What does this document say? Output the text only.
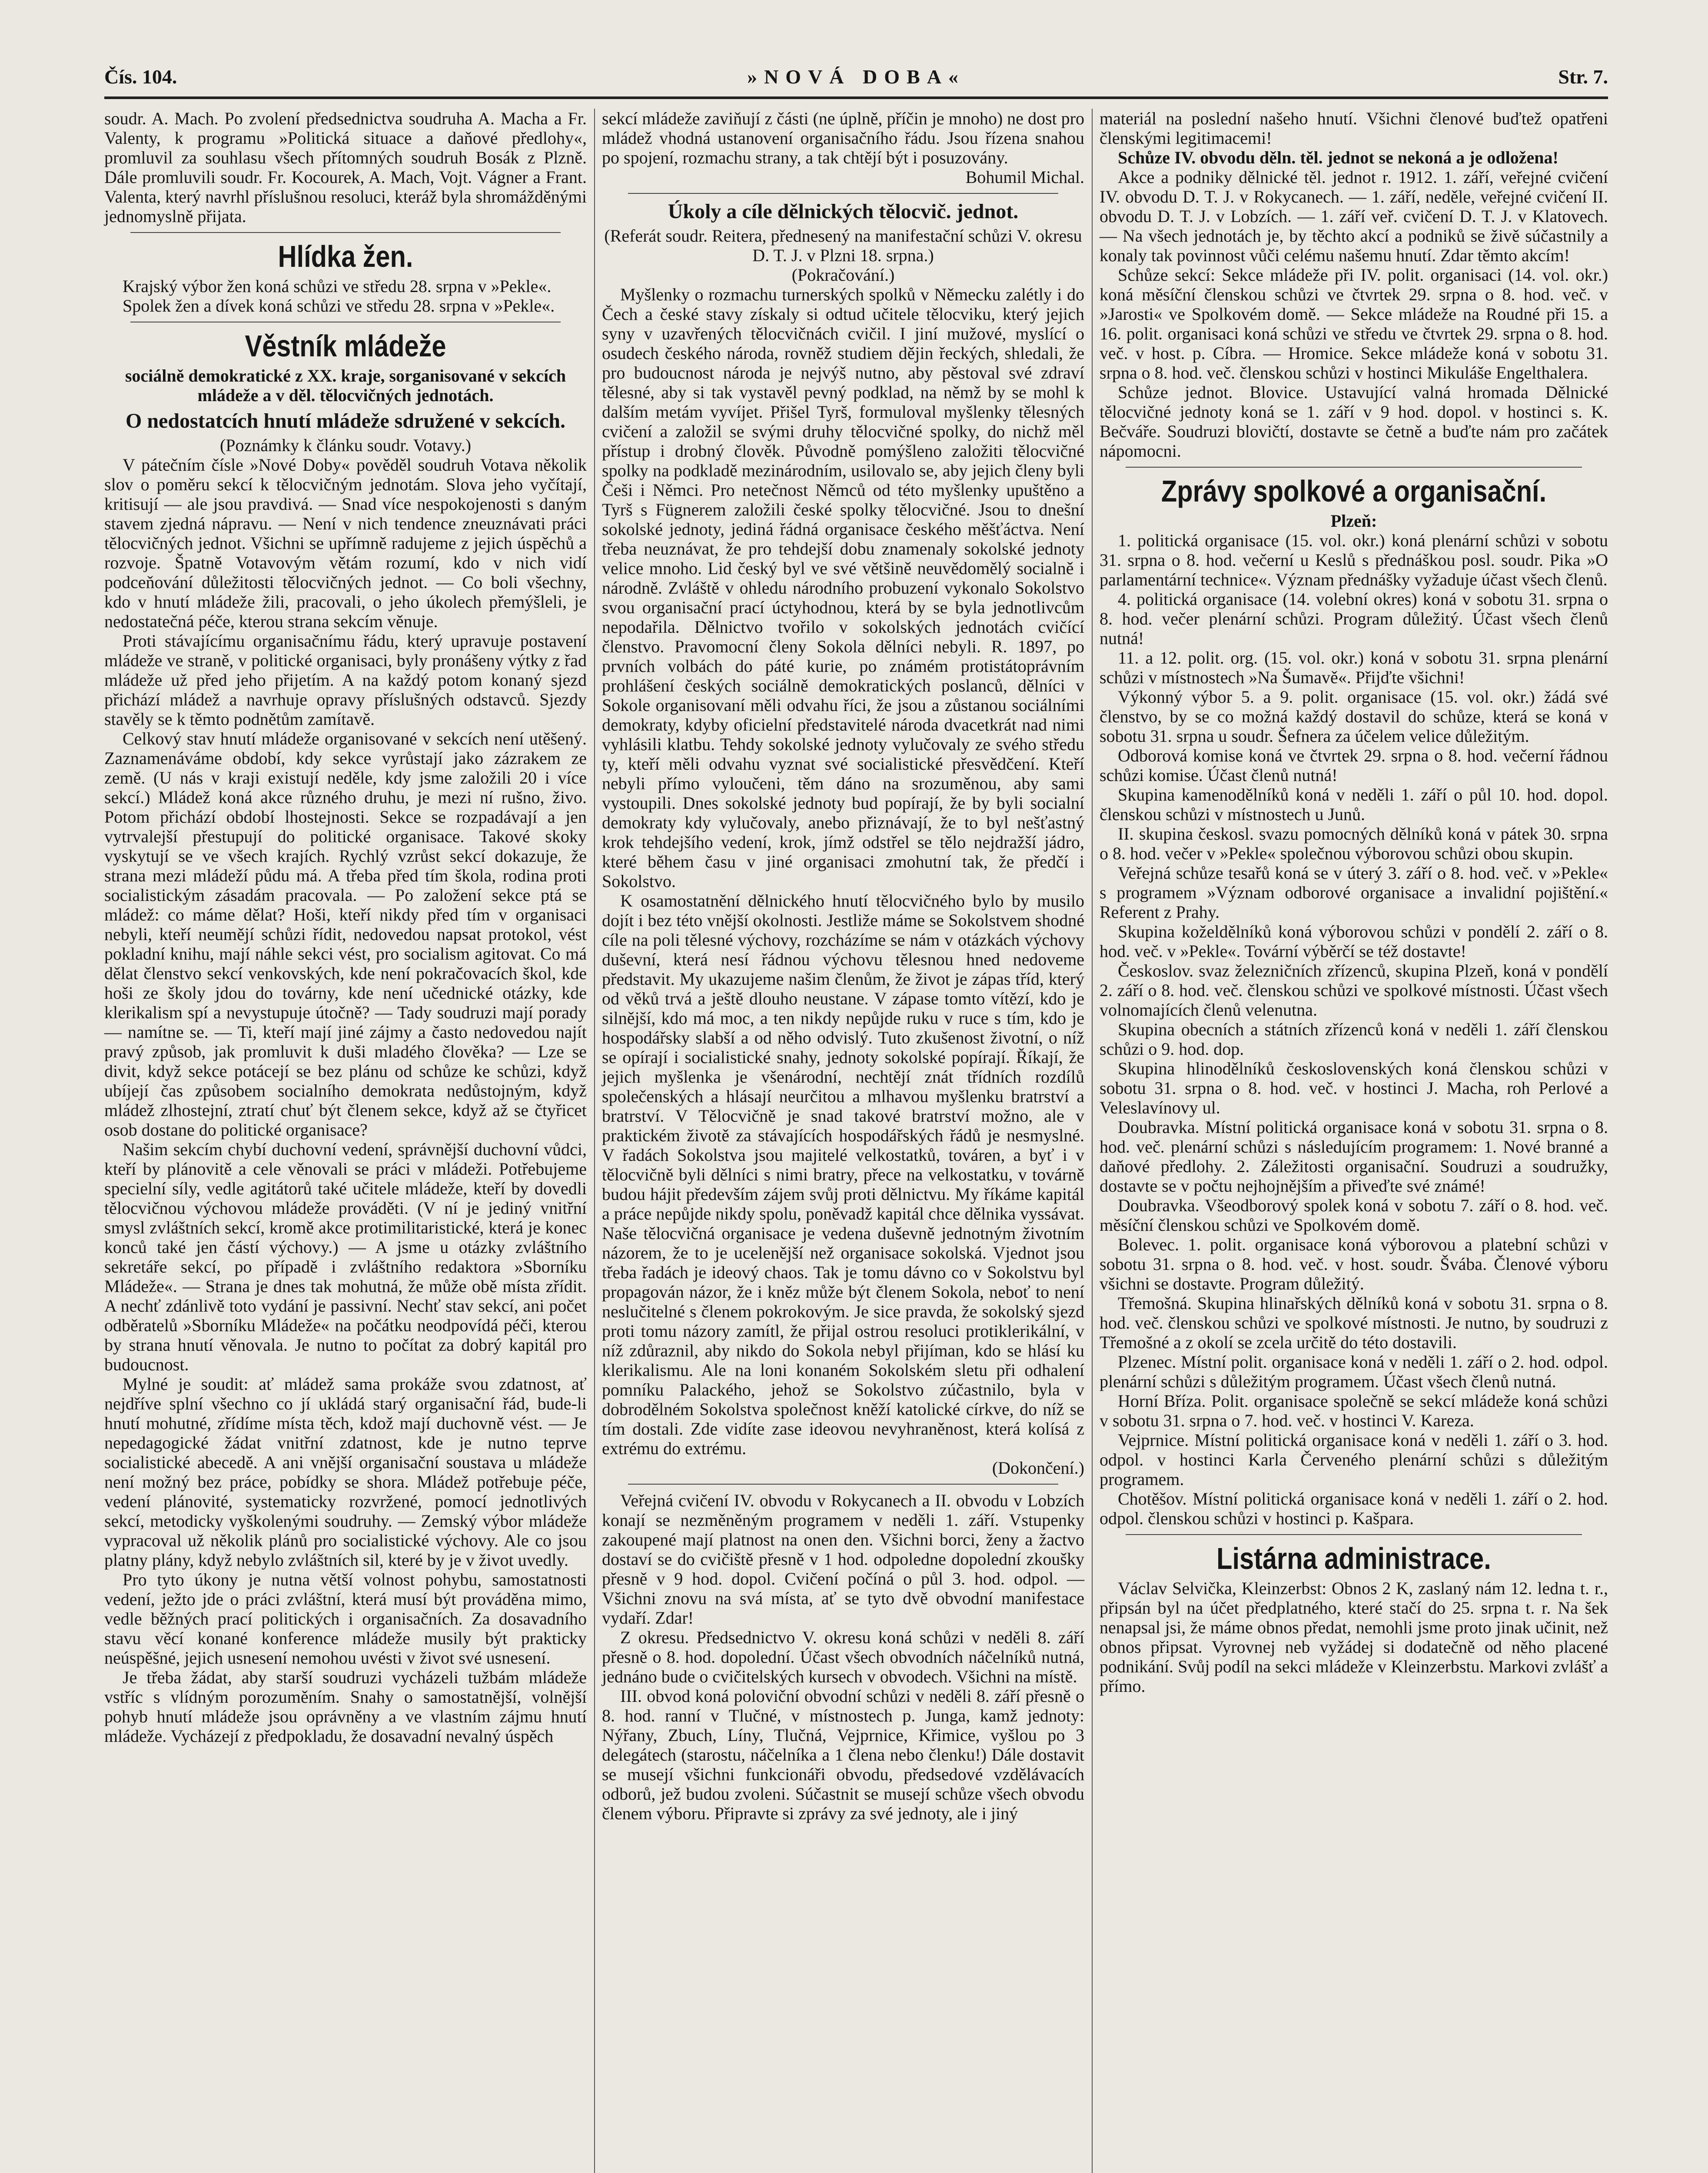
Čís. 104.	»NOVÁ DOBA«	Str. 7.

soudr. A. Mach. Po zvolení předsednictva soudruha A. Macha a Fr. Valenty, k programu »Politická situace a daňové předlohy«, promluvil za souhlasu všech přítomných soudruh Bosák z Plzně. Dále promluvili soudr. Fr. Kocourek, A. Mach, Vojt. Vágner a Frant. Valenta, který navrhl příslušnou resoluci, kteráž byla shromážděnými jednomyslně přijata.

Hlídka žen.

Krajský výbor žen koná schůzi ve středu 28. srpna v »Pekle«.

Spolek žen a dívek koná schůzi ve středu 28. srpna v »Pekle«.

Věstník mládeže

sociálně demokratické z XX. kraje, sorganisované v sekcích mládeže a v děl. tělocvičných jednotách.

O nedostatcích hnutí mládeže sdružené v sekcích.

(Poznámky k článku soudr. Votavy.)

V pátečním čísle »Nové Doby« pověděl soudruh Votava několik slov o poměru sekcí k tělocvičným jednotám. Slova jeho vyčítají, kritisují — ale jsou pravdivá. — Snad více nespokojenosti s daným stavem zjedná nápravu. — Není v nich tendence zneuznávati práci tělocvičných jednot. Všichni se upřímně radujeme z jejich úspěchů a rozvoje. Špatně Votavovým větám rozumí, kdo v nich vidí podceňování důležitosti tělocvičných jednot. — Co boli všechny, kdo v hnutí mládeže žili, pracovali, o jeho úkolech přemýšleli, je nedostatečná péče, kterou strana sekcím věnuje.

Proti stávajícímu organisačnímu řádu, který upravuje postavení mládeže ve straně, v politické organisaci, byly pronášeny výtky z řad mládeže už před jeho přijetím. A na každý potom konaný sjezd přichází mládež a navrhuje opravy příslušných odstavců. Sjezdy stavěly se k těmto podnětům zamítavě.

Celkový stav hnutí mládeže organisované v sekcích není utěšený. Zaznamenáváme období, kdy sekce vyrůstají jako zázrakem ze země. (U nás v kraji existují neděle, kdy jsme založili 20 i více sekcí.) Mládež koná akce různého druhu, je mezi ní rušno, živo. Potom přichází období lhostejnosti. Sekce se rozpadávají a jen vytrvalejší přestupují do politické organisace. Takové skoky vyskytují se ve všech krajích. Rychlý vzrůst sekcí dokazuje, že strana mezi mládeží půdu má. A třeba před tím škola, rodina proti socialistickým zásadám pracovala. — Po založení sekce ptá se mládež: co máme dělat? Hoši, kteří nikdy před tím v organisaci nebyli, kteří neumějí schůzi řídit, nedovedou napsat protokol, vést pokladní knihu, mají náhle sekci vést, pro socialism agitovat. Co má dělat členstvo sekcí venkovských, kde není pokračovacích škol, kde hoši ze školy jdou do továrny, kde není učednické otázky, kde klerikalism spí a nevystupuje útočně? — Tady soudruzi mají porady — namítne se. — Ti, kteří mají jiné zájmy a často nedovedou najít pravý způsob, jak promluvit k duši mladého člověka? — Lze se divit, když sekce potácejí se bez plánu od schůze ke schůzi, když ubíjejí čas způsobem socialního demokrata nedůstojným, když mládež zlhostejní, ztratí chuť být členem sekce, když až se čtyřicet osob dostane do politické organisace?

Našim sekcím chybí duchovní vedení, správnější duchovní vůdci, kteří by plánovitě a cele věnovali se práci v mládeži. Potřebujeme specielní síly, vedle agitátorů také učitele mládeže, kteří by dovedli tělocvičnou výchovou mládeže prováděti. (V ní je jediný vnitřní smysl zvláštních sekcí, kromě akce protimilitaristické, která je konec konců také jen částí výchovy.) — A jsme u otázky zvláštního sekretáře sekcí, po případě i zvláštního redaktora »Sborníku Mládeže«. — Strana je dnes tak mohutná, že může obě místa zřídit. A nechť zdánlivě toto vydání je passivní. Nechť stav sekcí, ani počet odběratelů »Sborníku Mládeže« na počátku neodpovídá péči, kterou by strana hnutí věnovala. Je nutno to počítat za dobrý kapitál pro budoucnost.

Mylné je soudit: ať mládež sama prokáže svou zdatnost, ať nejdříve splní všechno co jí ukládá starý organisační řád, bude-li hnutí mohutné, zřídíme místa těch, kdož mají duchovně vést. — Je nepedagogické žádat vnitřní zdatnost, kde je nutno teprve socialistické abecedě. A ani vnější organisační soustava u mládeže není možný bez práce, pobídky se shora. Mládež potřebuje péče, vedení plánovité, systematicky rozvržené, pomocí jednotlivých sekcí, metodicky vyškolenými soudruhy. — Zemský výbor mládeže vypracoval už několik plánů pro socialistické výchovy. Ale co jsou platny plány, když nebylo zvláštních sil, které by je v život uvedly.

Pro tyto úkony je nutna větší volnost pohybu, samostatnosti vedení, ježto jde o práci zvláštní, která musí být prováděna mimo, vedle běžných prací politických i organisačních. Za dosavadního stavu věcí konané konference mládeže musily být prakticky neúspěšné, jejich usnesení nemohou uvésti v život své usnesení.

Je třeba žádat, aby starší soudruzi vycházeli tužbám mládeže vstříc s vlídným porozuměním. Snahy o samostatnější, volnější pohyb hnutí mládeže jsou oprávněny a ve vlastním zájmu hnutí mládeže. Vycházejí z předpokladu, že dosavadní nevalný úspěch

sekcí mládeže zaviňují z části (ne úplně, příčin je mnoho) ne dost pro mládež vhodná ustanovení organisačního řádu. Jsou řízena snahou po spojení, rozmachu strany, a tak chtějí být i posuzovány.

Bohumil Michal.

Úkoly a cíle dělnických tělocvič. jednot.

(Referát soudr. Reitera, přednesený na manifestační schůzi V. okresu D. T. J. v Plzni 18. srpna.)

(Pokračování.)

Myšlenky o rozmachu turnerských spolků v Německu zalétly i do Čech a české stavy získaly si odtud učitele tělocviku, který jejich syny v uzavřených tělocvičnách cvičil. I jiní mužové, myslící o osudech českého národa, rovněž studiem dějin řeckých, shledali, že pro budoucnost národa je nejvýš nutno, aby pěstoval své zdraví tělesné, aby si tak vystavěl pevný podklad, na němž by se mohl k dalším metám vyvíjet. Přišel Tyrš, formuloval myšlenky tělesných cvičení a založil se svými druhy tělocvičné spolky, do nichž měl přístup i drobný člověk. Původně pomýšleno založiti tělocvičné spolky na podkladě mezinárodním, usilovalo se, aby jejich členy byli Češi i Němci. Pro netečnost Němců od této myšlenky upuštěno a Tyrš s Fügnerem založili české spolky tělocvičné. Jsou to dnešní sokolské jednoty, jediná řádná organisace českého měšťáctva. Není třeba neuznávat, že pro tehdejší dobu znamenaly sokolské jednoty velice mnoho. Lid český byl ve své většině neuvědomělý socialně i národně. Zvláště v ohledu národního probuzení vykonalo Sokolstvo svou organisační prací úctyhodnou, která by se byla jednotlivcům nepodařila. Dělnictvo tvořilo v sokolských jednotách cvičící členstvo. Pravomocní členy Sokola dělníci nebyli. R. 1897, po prvních volbách do páté kurie, po známém protistátoprávním prohlášení českých sociálně demokratických poslanců, dělníci v Sokole organisovaní měli odvahu říci, že jsou a zůstanou sociálními demokraty, kdyby oficielní představitelé národa dvacetkrát nad nimi vyhlásili klatbu. Tehdy sokolské jednoty vylučovaly ze svého středu ty, kteří měli odvahu vyznat své socialistické přesvědčení. Kteří nebyli přímo vyloučeni, těm dáno na srozuměnou, aby sami vystoupili. Dnes sokolské jednoty bud popírají, že by byli socialní demokraty kdy vylučovaly, anebo přiznávají, že to byl nešťastný krok tehdejšího vedení, krok, jímž odstřel se tělo nejdražší jádro, které během času v jiné organisaci zmohutní tak, že předčí i Sokolstvo.

K osamostatnění dělnického hnutí tělocvičného bylo by musilo dojít i bez této vnější okolnosti. Jestliže máme se Sokolstvem shodné cíle na poli tělesné výchovy, rozcházíme se nám v otázkách výchovy duševní, která nesí řádnou výchovu tělesnou hned nedoveme představit. My ukazujeme našim členům, že život je zápas tříd, který od věků trvá a ještě dlouho neustane. V zápase tomto vítězí, kdo je silnější, kdo má moc, a ten nikdy nepůjde ruku v ruce s tím, kdo je hospodářsky slabší a od něho odvislý. Tuto zkušenost životní, o níž se opírají i socialistické snahy, jednoty sokolské popírají. Říkají, že jejich myšlenka je všenárodní, nechtějí znát třídních rozdílů společenských a hlásají neurčitou a mlhavou myšlenku bratrství a bratrství. V Tělocvičně je snad takové bratrství možno, ale v praktickém životě za stávajících hospodářských řádů je nesmyslné. V řadách Sokolstva jsou majitelé velkostatků, továren, a byť i v tělocvičně byli dělníci s nimi bratry, přece na velkostatku, v továrně budou hájit především zájem svůj proti dělnictvu. My říkáme kapitál a práce nepůjde nikdy spolu, poněvadž kapitál chce dělnika vyssávat. Naše tělocvičná organisace je vedena duševně jednotným životním názorem, že to je ucelenější než organisace sokolská. Vjednot jsou třeba řadách je ideový chaos. Tak je tomu dávno co v Sokolstvu byl propagován názor, že i kněz může být členem Sokola, neboť to není neslučitelné s členem pokrokovým. Je sice pravda, že sokolský sjezd proti tomu názory zamítl, že přijal ostrou resoluci protiklerikální, v níž zdůraznil, aby nikdo do Sokola nebyl přijíman, kdo se hlásí ku klerikalismu. Ale na loni konaném Sokolském sletu při odhalení pomníku Palackého, jehož se Sokolstvo zúčastnilo, byla v dobrodělném Sokolstva společnost kněží katolické církve, do níž se tím dostali. Zde vidíte zase ideovou nevyhraněnost, která kolísá z extrému do extrému.

(Dokončení.)

Veřejná cvičení IV. obvodu v Rokycanech a II. obvodu v Lobzích konají se nezměněným programem v neděli 1. září. Vstupenky zakoupené mají platnost na onen den. Všichni borci, ženy a žactvo dostaví se do cvičiště přesně v 1 hod. odpoledne dopolední zkoušky přesně v 9 hod. dopol. Cvičení počíná o půl 3. hod. odpol. — Všichni znovu na svá místa, ať se tyto dvě obvodní manifestace vydaří. Zdar!

Z okresu. Předsednictvo V. okresu koná schůzi v neděli 8. září přesně o 8. hod. dopolední. Účast všech obvodních náčelníků nutná, jednáno bude o cvičitelských kursech v obvodech. Všichni na místě.

III. obvod koná poloviční obvodní schůzi v neděli 8. září přesně o 8. hod. ranní v Tlučné, v místnostech p. Junga, kamž jednoty: Nýřany, Zbuch, Líny, Tlučná, Vejprnice, Křimice, vyšlou po 3 delegátech (starostu, náčelníka a 1 člena nebo členku!) Dále dostavit se musejí všichni funkcionáři obvodu, předsedové vzdělávacích odborů, jež budou zvoleni. Súčastnit se musejí schůze všech obvodu členem výboru. Připravte si zprávy za své jednoty, ale i jiný

materiál na poslední našeho hnutí. Všichni členové buďtež opatřeni členskými legitimacemi!

Schůze IV. obvodu děln. těl. jednot se nekoná a je odložena!

Akce a podniky dělnické těl. jednot r. 1912. 1. září, veřejné cvičení IV. obvodu D. T. J. v Rokycanech. — 1. září, neděle, veřejné cvičení II. obvodu D. T. J. v Lobzích. — 1. září veř. cvičení D. T. J. v Klatovech. — Na všech jednotách je, by těchto akcí a podniků se živě súčastnily a konaly tak povinnost vůči celému našemu hnutí. Zdar těmto akcím!

Schůze sekcí: Sekce mládeže při IV. polit. organisaci (14. vol. okr.) koná měsíční členskou schůzi ve čtvrtek 29. srpna o 8. hod. več. v »Jarosti« ve Spolkovém domě. — Sekce mládeže na Roudné při 15. a 16. polit. organisaci koná schůzi ve středu ve čtvrtek 29. srpna o 8. hod. več. v host. p. Cíbra. — Hromice. Sekce mládeže koná v sobotu 31. srpna o 8. hod. več. členskou schůzi v hostinci Mikuláše Engelthalera.

Schůze jednot. Blovice. Ustavující valná hromada Dělnické tělocvičné jednoty koná se 1. září v 9 hod. dopol. v hostinci s. K. Bečváře. Soudruzi blovičtí, dostavte se četně a buďte nám pro začátek nápomocni.

Zprávy spolkové a organisační.

Plzeň:

1. politická organisace (15. vol. okr.) koná plenární schůzi v sobotu 31. srpna o 8. hod. večerní u Keslů s přednáškou posl. soudr. Pika »O parlamentární technice«. Význam přednášky vyžaduje účast všech členů.

4. politická organisace (14. volební okres) koná v sobotu 31. srpna o 8. hod. večer plenární schůzi. Program důležitý. Účast všech členů nutná!

11. a 12. polit. org. (15. vol. okr.) koná v sobotu 31. srpna plenární schůzi v místnostech »Na Šumavě«. Přijďte všichni!

Výkonný výbor 5. a 9. polit. organisace (15. vol. okr.) žádá své členstvo, by se co možná každý dostavil do schůze, která se koná v sobotu 31. srpna u soudr. Šefnera za účelem velice důležitým.

Odborová komise koná ve čtvrtek 29. srpna o 8. hod. večerní řádnou schůzi komise. Účast členů nutná!

Skupina kamenodělníků koná v neděli 1. září o půl 10. hod. dopol. členskou schůzi v místnostech u Junů.

II. skupina českosl. svazu pomocných dělníků koná v pátek 30. srpna o 8. hod. večer v »Pekle« společnou výborovou schůzi obou skupin.

Veřejná schůze tesařů koná se v úterý 3. září o 8. hod. več. v »Pekle« s programem »Význam odborové organisace a invalidní pojištění.« Referent z Prahy.

Skupina koželdělníků koná výborovou schůzi v pondělí 2. září o 8. hod. več. v »Pekle«. Tovární výběrčí se též dostavte!

Českoslov. svaz železničních zřízenců, skupina Plzeň, koná v pondělí 2. září o 8. hod. več. členskou schůzi ve spolkové místnosti. Účast všech volnomajících členů velenutna.

Skupina obecních a státních zřízenců koná v neděli 1. září členskou schůzi o 9. hod. dop.

Skupina hlinodělníků československých koná členskou schůzi v sobotu 31. srpna o 8. hod. več. v hostinci J. Macha, roh Perlové a Veleslavínovy ul.

Doubravka. Místní politická organisace koná v sobotu 31. srpna o 8. hod. več. plenární schůzi s následujícím programem: 1. Nové branné a daňové předlohy. 2. Záležitosti organisační. Soudruzi a soudružky, dostavte se v počtu nejhojnějším a přiveďte své známé!

Doubravka. Všeodborový spolek koná v sobotu 7. září o 8. hod. več. měsíční členskou schůzi ve Spolkovém domě.

Bolevec. 1. polit. organisace koná výborovou a platební schůzi v sobotu 31. srpna o 8. hod. več. v host. soudr. Švába. Členové výboru všichni se dostavte. Program důležitý.

Třemošná. Skupina hlinařských dělníků koná v sobotu 31. srpna o 8. hod. več. členskou schůzi ve spolkové místnosti. Je nutno, by soudruzi z Třemošné a z okolí se zcela určitě do této dostavili.

Plzenec. Místní polit. organisace koná v neděli 1. září o 2. hod. odpol. plenární schůzi s důležitým programem. Účast všech členů nutná.

Horní Bříza. Polit. organisace společně se sekcí mládeže koná schůzi v sobotu 31. srpna o 7. hod. več. v hostinci V. Kareza.

Vejprnice. Místní politická organisace koná v neděli 1. září o 3. hod. odpol. v hostinci Karla Červeného plenární schůzi s důležitým programem.

Chotěšov. Místní politická organisace koná v neděli 1. září o 2. hod. odpol. členskou schůzi v hostinci p. Kašpara.

Listárna administrace.

Václav Selvička, Kleinzerbst: Obnos 2 K, zaslaný nám 12. ledna t. r., připsán byl na účet předplatného, které stačí do 25. srpna t. r. Na šek nenapsal jsi, že máme obnos předat, nemohli jsme proto jinak učinit, než obnos připsat. Vyrovnej neb vyžádej si dodatečně od něho placené podnikání. Svůj podíl na sekci mládeže v Kleinzerbstu. Markovi zvlášť a přímo.
